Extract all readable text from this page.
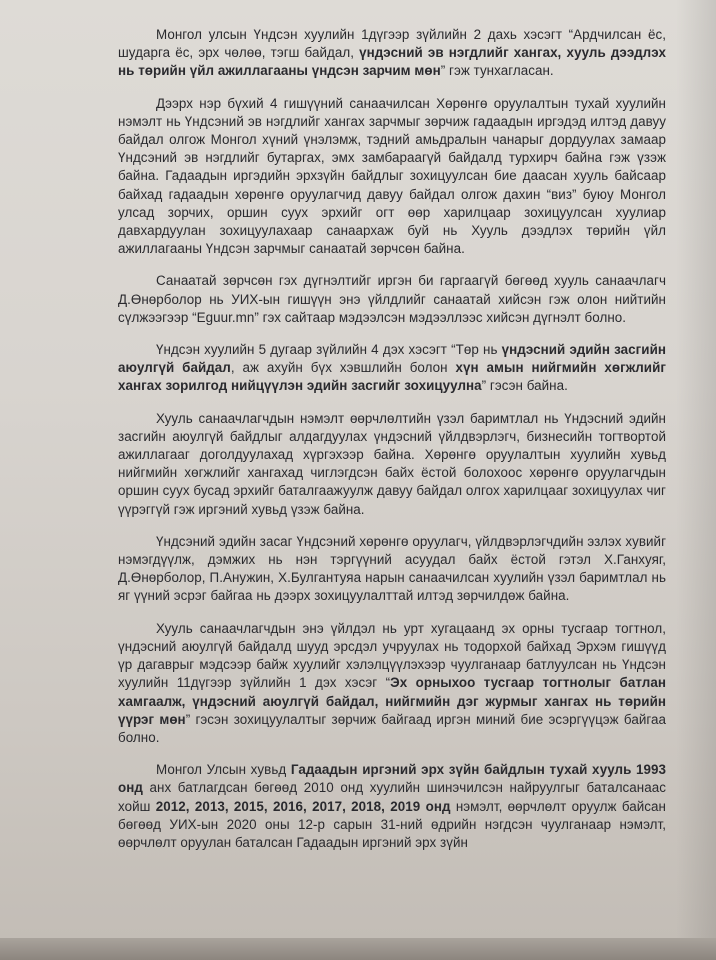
Монгол улсын Үндсэн хуулийн 1дүгээр зүйлийн 2 дахь хэсэгт “Ардчилсан ёс, шударга ёс, эрх чөлөө, тэгш байдал, үндэсний эв нэгдлийг хангах, хууль дээдлэх нь төрийн үйл ажиллагааны үндсэн зарчим мөн” гэж тунхагласан.

Дээрх нэр бүхий 4 гишүүний санаачилсан Хөрөнгө оруулалтын тухай хуулийн нэмэлт нь Үндсэний эв нэгдлийг хангах зарчмыг зөрчиж гадаадын иргэдэд илтэд давуу байдал олгож Монгол хүний үнэлэмж, тэдний амьдралын чанарыг дордуулах замаар Үндсэний эв нэгдлийг бутаргах, эмх замбараагүй байдалд турхирч байна гэж үзэж байна. Гадаадын иргэдийн эрхзүйн байдлыг зохицуулсан бие даасан хууль байсаар байхад гадаадын хөрөнгө оруулагчид давуу байдал олгож дахин “виз” буюу Монгол улсад зорчих, оршин суух эрхийг огт өөр харилцаар зохицуулсан хуулиар давхардуулан зохицуулахаар санаархаж буй нь Хууль дээдлэх төрийн үйл ажиллагааны Үндсэн зарчмыг санаатай зөрчсөн байна.

Санаатай зөрчсөн гэх дүгнэлтийг иргэн би гаргаагүй бөгөөд хууль санаачлагч Д.Өнөрболор нь УИХ-ын гишүүн энэ үйлдлийг санаатай хийсэн гэж олон нийтийн сүлжээгээр “Eguur.mn” гэх сайтаар мэдээлсэн мэдээллээс хийсэн дүгнэлт болно.

Үндсэн хуулийн 5 дугаар зүйлийн 4 дэх хэсэгт “Төр нь үндэсний эдийн засгийн аюулгүй байдал, аж ахуйн бүх хэвшлийн болон хүн амын нийгмийн хөгжлийг хангах зорилгод нийцүүлэн эдийн засгийг зохицуулна” гэсэн байна.

Хууль санаачлагчдын нэмэлт өөрчлөлтийн үзэл баримтлал нь Үндэсний эдийн засгийн аюулгүй байдлыг алдагдуулах үндэсний үйлдвэрлэгч, бизнесийн тогтвортой ажиллагааг доголдуулахад хүргэхээр байна. Хөрөнгө оруулалтын хуулийн хувьд нийгмийн хөгжлийг хангахад чиглэгдсэн байх ёстой болохоос хөрөнгө оруулагчдын оршин суух бусад эрхийг баталгаажуулж давуу байдал олгох харилцааг зохицуулах чиг үүрэггүй гэж иргэний хувьд үзэж байна.

Үндсэний эдийн засаг Үндсэний хөрөнгө оруулагч, үйлдвэрлэгчдийн эзлэх хувийг нэмэгдүүлж, дэмжих нь нэн тэргүүний асуудал байх ёстой гэтэл Х.Ганхуяг, Д.Өнөрболор, П.Анужин, Х.Булгантуяа нарын санаачилсан хуулийн үзэл баримтлал нь яг үүний эсрэг байгаа нь дээрх зохицуулалттай илтэд зөрчилдөж байна.

Хууль санаачлагчдын энэ үйлдэл нь урт хугацаанд эх орны тусгаар тогтнол, үндэсний аюулгүй байдалд шууд эрсдэл учруулах нь тодорхой байхад Эрхэм гишүүд үр дагаврыг мэдсээр байж хуулийг хэлэлцүүлэхээр чуулганаар батлуулсан нь Үндсэн хуулийн 11дүгээр зүйлийн 1 дэх хэсэг “Эх орныхоо тусгаар тогтнолыг батлан хамгаалж, үндэсний аюулгүй байдал, нийгмийн дэг журмыг хангах нь төрийн үүрэг мөн” гэсэн зохицуулалтыг зөрчиж байгаад иргэн миний бие эсэргүүцэж байгаа болно.

Монгол Улсын хувьд Гадаадын иргэний эрх зүйн байдлын тухай хууль 1993 онд анх батлагдсан бөгөөд 2010 онд хуулийн шинэчилсэн найруулгыг баталсанаас хойш 2012, 2013, 2015, 2016, 2017, 2018, 2019 онд нэмэлт, өөрчлөлт оруулж байсан бөгөөд УИХ-ын 2020 оны 12-р сарын 31-ний өдрийн нэгдсэн чуулганаар нэмэлт, өөрчлөлт оруулан баталсан Гадаадын иргэний эрх зүйн
